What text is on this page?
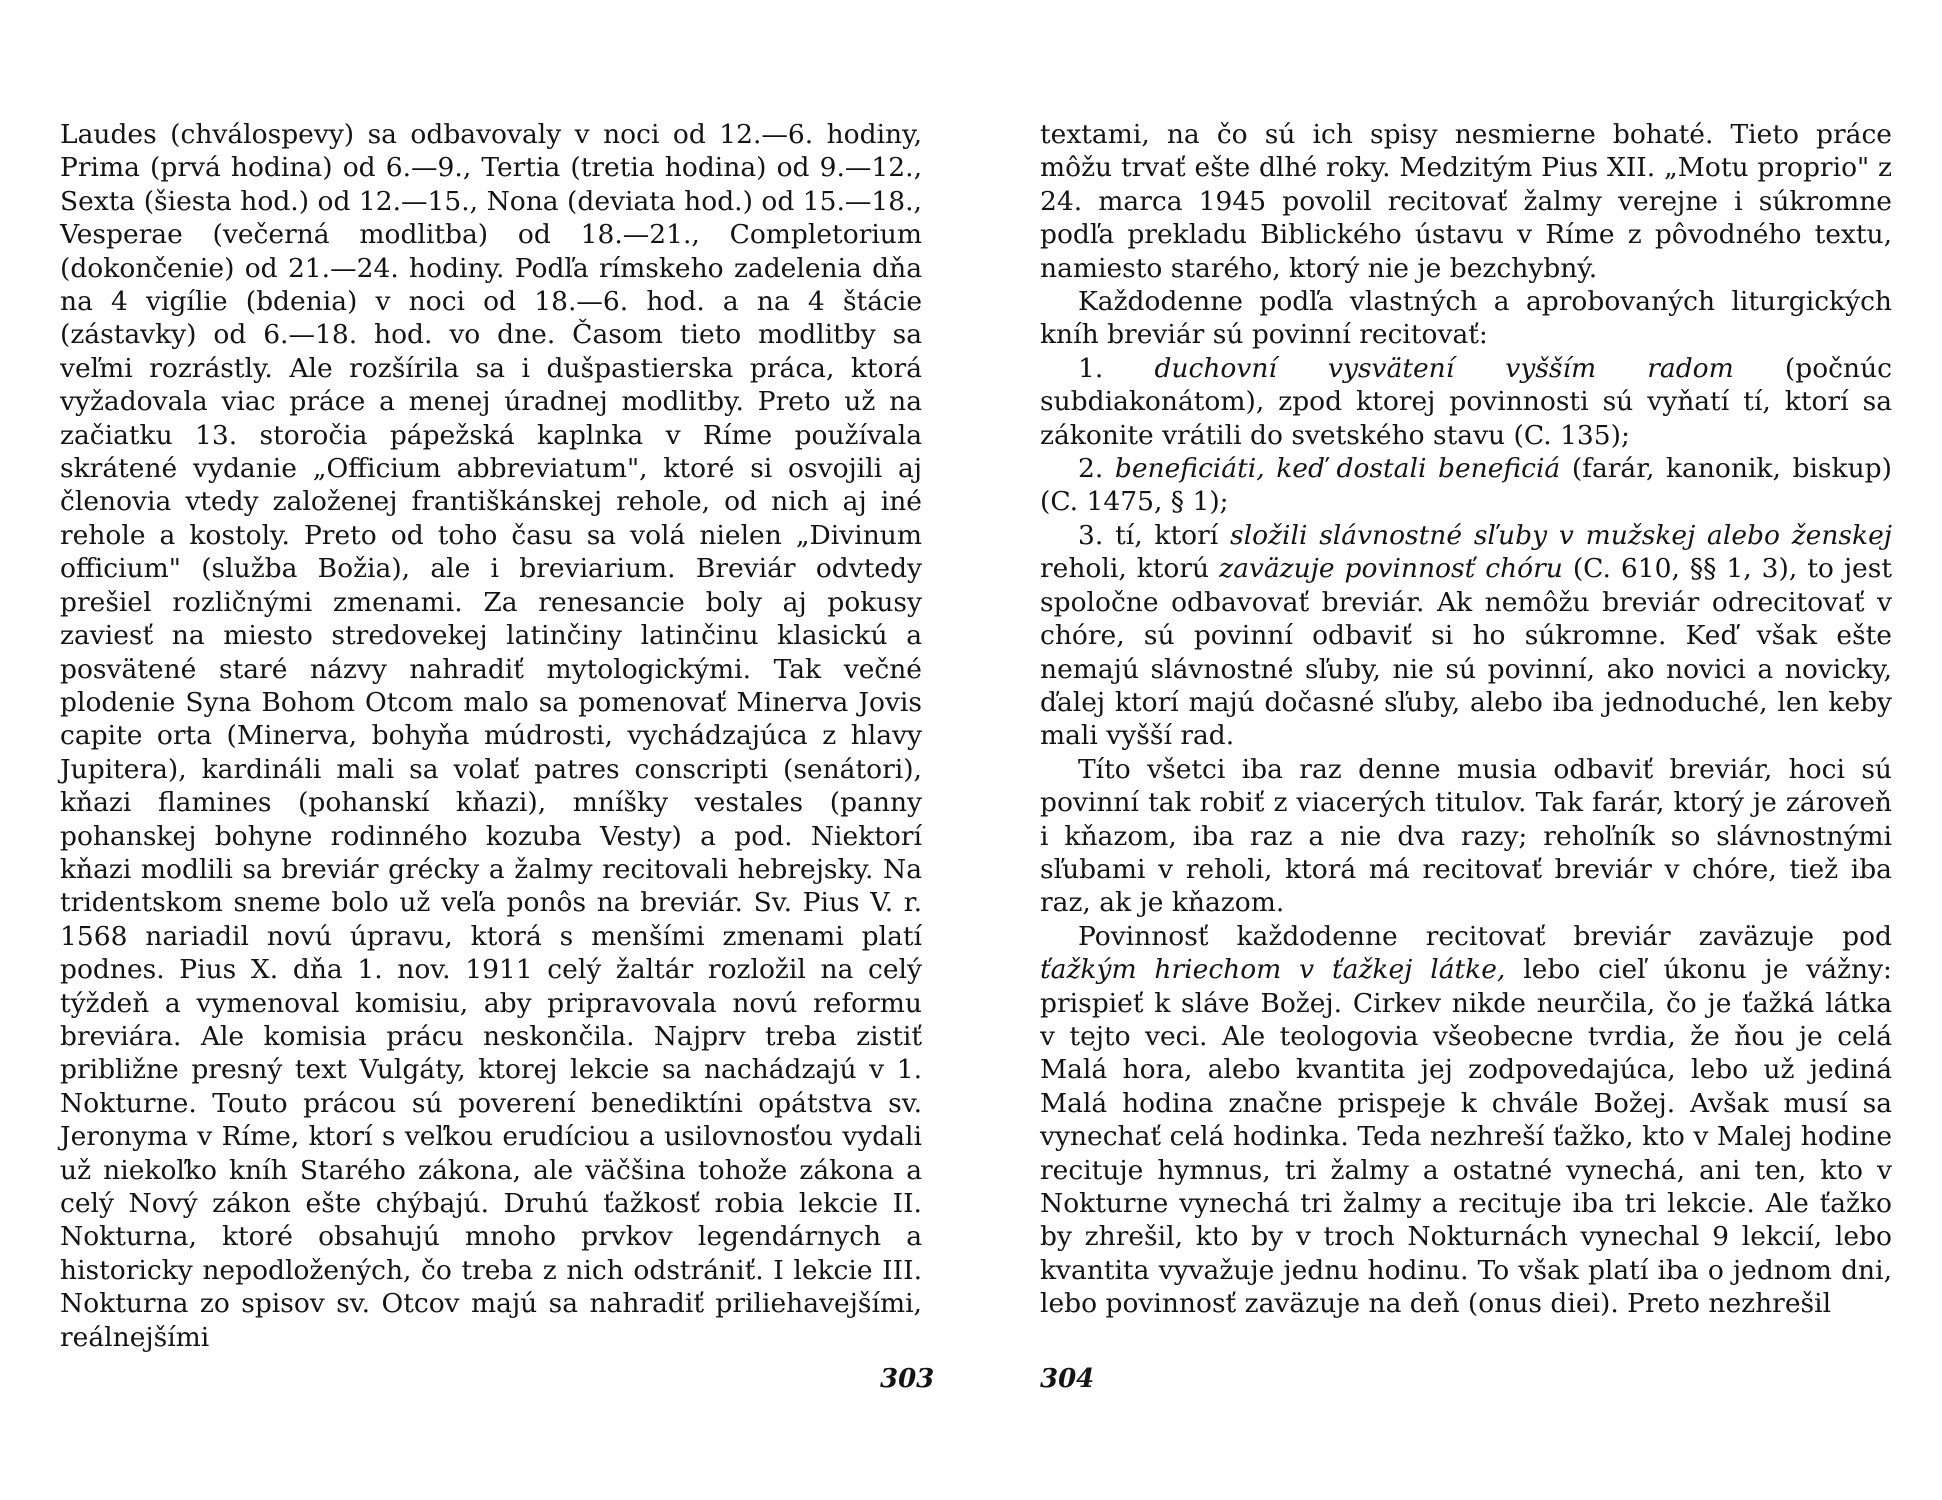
Laudes (chválospevy) sa odbavovaly v noci od 12.—6. hodiny, Prima (prvá hodina) od 6.—9., Tertia (tretia hodina) od 9.—12., Sexta (šiesta hod.) od 12.—15., Nona (deviata hod.) od 15.—18., Vesperae (večerná modlitba) od 18.—21., Completorium (dokončenie) od 21.—24. hodiny. Podľa rímskeho zadelenia dňa na 4 vigílie (bdenia) v noci od 18.—6. hod. a na 4 štácie (zástavky) od 6.—18. hod. vo dne. Časom tieto modlitby sa veľmi rozrástly. Ale rozšírila sa i dušpastierska práca, ktorá vyžadovala viac práce a menej úradnej modlitby. Preto už na začiatku 13. storočia pápežská kaplnka v Ríme používala skrátené vydanie „Officium abbreviatum", ktoré si osvojili aj členovia vtedy založenej františkánskej rehole, od nich aj iné rehole a kostoly. Preto od toho času sa volá nielen „Divinum officium" (služba Božia), ale i breviarium. Breviár odvtedy prešiel rozličnými zmenami. Za renesancie boly aj pokusy zaviesť na miesto stredovekej latinčiny latinčinu klasickú a posvätené staré názvy nahradiť mytologickými. Tak večné plodenie Syna Bohom Otcom malo sa pomenovať Minerva Jovis capite orta (Minerva, bohyňa múdrosti, vychádzajúca z hlavy Jupitera), kardináli mali sa volať patres conscripti (senátori), kňazi flamines (pohanskí kňazi), mníšky vestales (panny pohanskej bohyne rodinného kozuba Vesty) a pod. Niektorí kňazi modlili sa breviár grécky a žalmy recitovali hebrejsky. Na tridentskom sneme bolo už veľa ponôs na breviár. Sv. Pius V. r. 1568 nariadil novú úpravu, ktorá s menšími zmenami platí podnes. Pius X. dňa 1. nov. 1911 celý žaltár rozložil na celý týždeň a vymenoval komisiu, aby pripravovala novú reformu breviára. Ale komisia prácu neskončila. Najprv treba zistiť približne presný text Vulgáty, ktorej lekcie sa nachádzajú v 1. Nokturne. Touto prácou sú poverení benediktíni opátstva sv. Jeronyma v Ríme, ktorí s veľkou erudíciou a usilovnosťou vydali už niekoľko kníh Starého zákona, ale väčšina tohože zákona a celý Nový zákon ešte chýbajú. Druhú ťažkosť robia lekcie II. Nokturna, ktoré obsahujú mnoho prvkov legendárnych a historicky nepodložených, čo treba z nich odstrániť. I lekcie III. Nokturna zo spisov sv. Otcov majú sa nahradiť priliehavejšími, reálnejšími

303

textami, na čo sú ich spisy nesmierne bohaté. Tieto práce môžu trvať ešte dlhé roky. Medzitým Pius XII. „Motu proprio" z 24. marca 1945 povolil recitovať žalmy verejne i súkromne podľa prekladu Biblického ústavu v Ríme z pôvodného textu, namiesto starého, ktorý nie je bezchybný.

Každodenne podľa vlastných a aprobovaných liturgických kníh breviár sú povinní recitovať:

1. duchovní vysvätení vyšším radom (počnúc subdiakonátom), zpod ktorej povinnosti sú vyňatí tí, ktorí sa zákonite vrátili do svetského stavu (C. 135);

2. beneficiáti, keď dostali beneficiá (farár, kanonik, biskup) (C. 1475, § 1);

3. tí, ktorí složili slávnostné sľuby v mužskej alebo ženskej reholi, ktorú zaväzuje povinnosť chóru (C. 610, §§ 1, 3), to jest spoločne odbavovať breviár. Ak nemôžu breviár odrecitovať v chóre, sú povinní odbaviť si ho súkromne. Keď však ešte nemajú slávnostné sľuby, nie sú povinní, ako novici a novicky, ďalej ktorí majú dočasné sľuby, alebo iba jednoduché, len keby mali vyšší rad.

Títo všetci iba raz denne musia odbaviť breviár, hoci sú povinní tak robiť z viacerých titulov. Tak farár, ktorý je zároveň i kňazom, iba raz a nie dva razy; rehoľník so slávnostnými sľubami v reholi, ktorá má recitovať breviár v chóre, tiež iba raz, ak je kňazom.

Povinnosť každodenne recitovať breviár zaväzuje pod ťažkým hriechom v ťažkej látke, lebo cieľ úkonu je vážny: prispieť k sláve Božej. Cirkev nikde neurčila, čo je ťažká látka v tejto veci. Ale teologovia všeobecne tvrdia, že ňou je celá Malá hora, alebo kvantita jej zodpovedajúca, lebo už jediná Malá hodina značne prispeje k chvále Božej. Avšak musí sa vynechať celá hodinka. Teda nezhreší ťažko, kto v Malej hodine recituje hymnus, tri žalmy a ostatné vynechá, ani ten, kto v Nokturne vynechá tri žalmy a recituje iba tri lekcie. Ale ťažko by zhrešil, kto by v troch Nokturnách vynechal 9 lekcií, lebo kvantita vyvažuje jednu hodinu. To však platí iba o jednom dni, lebo povinnosť zaväzuje na deň (onus diei). Preto nezhrešil

304
